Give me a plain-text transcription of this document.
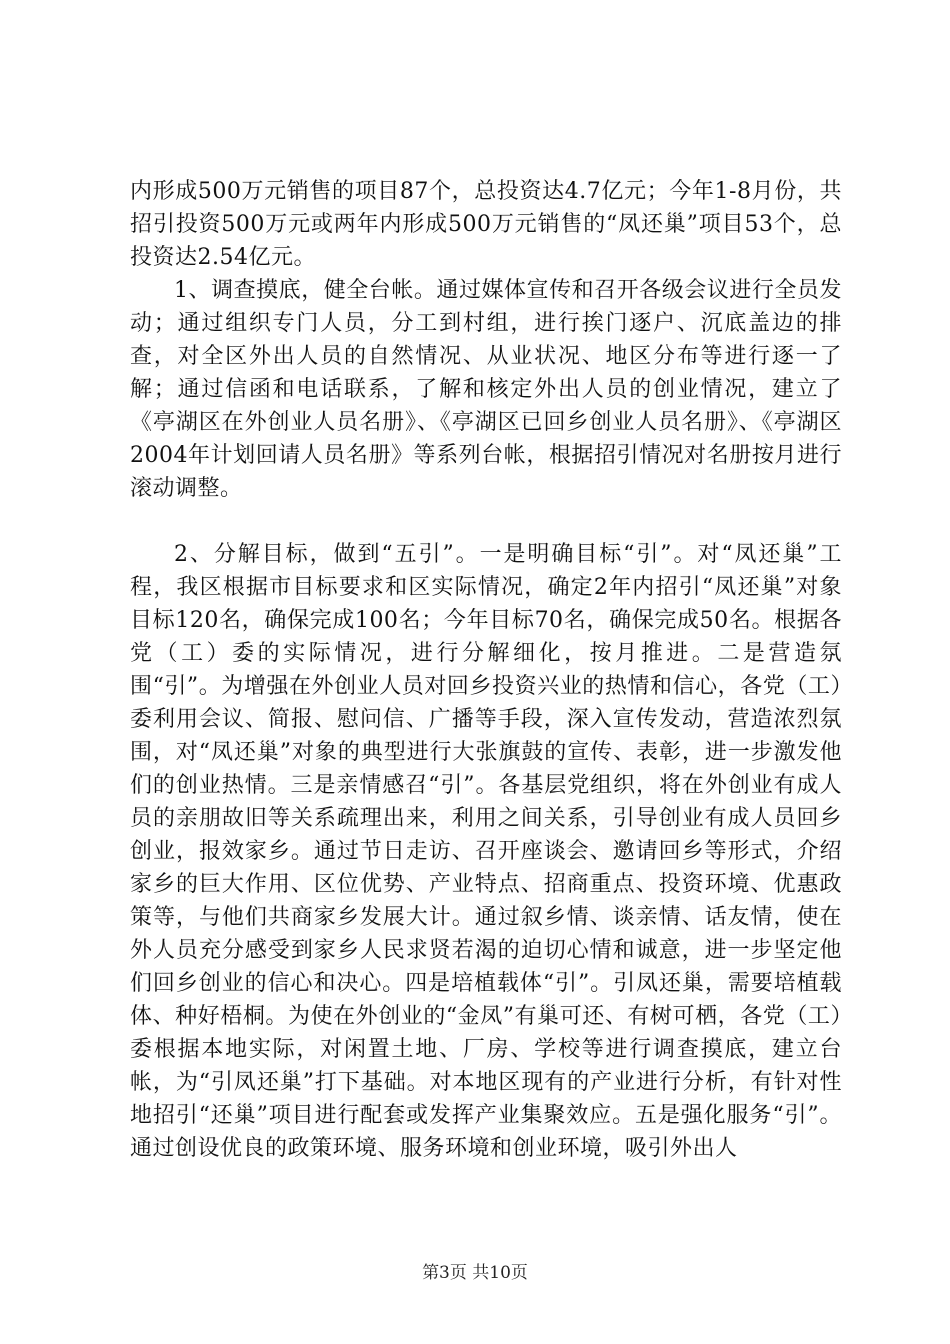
内形成500万元销售的项目87个，总投资达4.7亿元；今年1-8月份，共招引投资500万元或两年内形成500万元销售的“凤还巢”项目53个，总投资达2.54亿元。

1、调查摸底，健全台帐。通过媒体宣传和召开各级会议进行全员发动；通过组织专门人员，分工到村组，进行挨门逐户、沉底盖边的排查，对全区外出人员的自然情况、从业状况、地区分布等进行逐一了解；通过信函和电话联系，了解和核定外出人员的创业情况，建立了《亭湖区在外创业人员名册》、《亭湖区已回乡创业人员名册》、《亭湖区2004年计划回请人员名册》等系列台帐，根据招引情况对名册按月进行滚动调整。

2、分解目标，做到“五引”。一是明确目标“引”。对“凤还巢”工程，我区根据市目标要求和区实际情况，确定2年内招引“凤还巢”对象目标120名，确保完成100名；今年目标70名，确保完成50名。根据各党（工）委的实际情况，进行分解细化，按月推进。二是营造氛围“引”。为增强在外创业人员对回乡投资兴业的热情和信心，各党（工）委利用会议、简报、慰问信、广播等手段，深入宣传发动，营造浓烈氛围，对“凤还巢”对象的典型进行大张旗鼓的宣传、表彰，进一步激发他们的创业热情。三是亲情感召“引”。各基层党组织，将在外创业有成人员的亲朋故旧等关系疏理出来，利用之间关系，引导创业有成人员回乡创业，报效家乡。通过节日走访、召开座谈会、邀请回乡等形式，介绍家乡的巨大作用、区位优势、产业特点、招商重点、投资环境、优惠政策等，与他们共商家乡发展大计。通过叙乡情、谈亲情、话友情，使在外人员充分感受到家乡人民求贤若渴的迫切心情和诚意，进一步坚定他们回乡创业的信心和决心。四是培植载体“引”。引凤还巢，需要培植载体、种好梧桐。为使在外创业的“金凤”有巢可还、有树可栖，各党（工）委根据本地实际，对闲置土地、厂房、学校等进行调查摸底，建立台帐，为“引凤还巢”打下基础。对本地区现有的产业进行分析，有针对性地招引“还巢”项目进行配套或发挥产业集聚效应。五是强化服务“引”。通过创设优良的政策环境、服务环境和创业环境，吸引外出人

第3页 共10页
